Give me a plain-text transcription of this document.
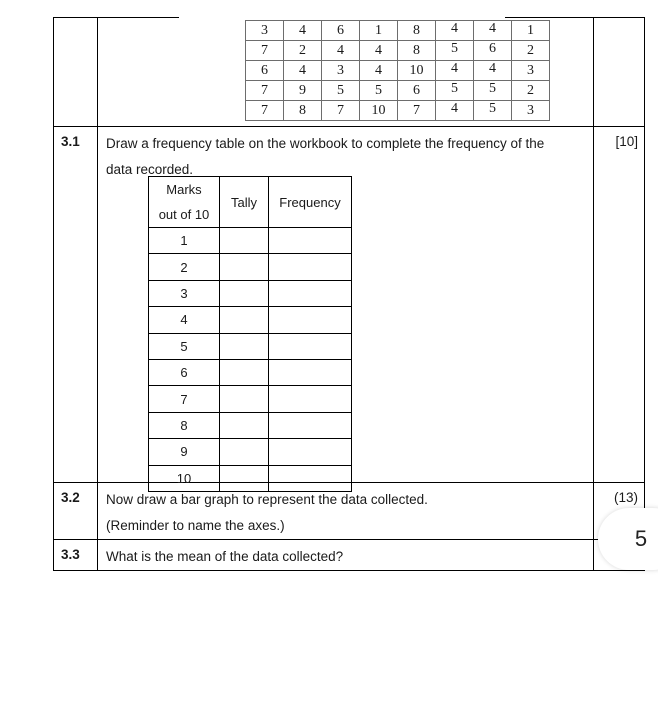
3	4	6	1	8	4	4	1
7	2	4	4	8	5	6	2
6	4	3	4	10	4	4	3
7	9	5	5	6	5	5	2
7	8	7	10	7	4	5	3
3.1	Draw a frequency table on the workbook to complete the frequency of the

data recorded.

Marks
out of 10	Tally	Frequency
1		
2		
3		
4		
5		
6		
7		
8		
9		
10		
[10]
3.2	Now draw a bar graph to represent the data collected.

(Reminder to name the axes.)

(13)
3.3	What is the mean of the data collected?

5
